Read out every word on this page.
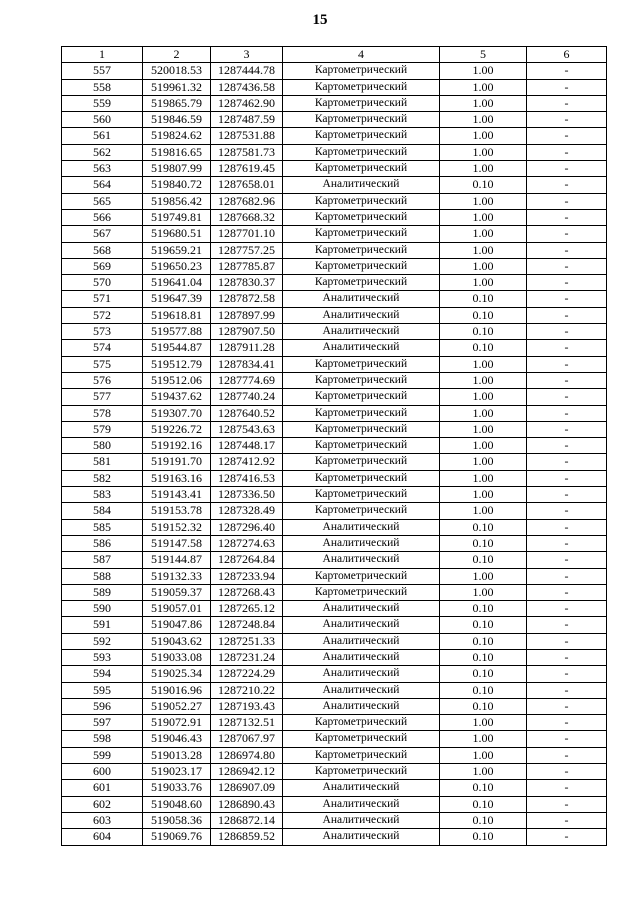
15
1	2	3	4	5	6
557	520018.53	1287444.78	Картометрический	1.00	-
558	519961.32	1287436.58	Картометрический	1.00	-
559	519865.79	1287462.90	Картометрический	1.00	-
560	519846.59	1287487.59	Картометрический	1.00	-
561	519824.62	1287531.88	Картометрический	1.00	-
562	519816.65	1287581.73	Картометрический	1.00	-
563	519807.99	1287619.45	Картометрический	1.00	-
564	519840.72	1287658.01	Аналитический	0.10	-
565	519856.42	1287682.96	Картометрический	1.00	-
566	519749.81	1287668.32	Картометрический	1.00	-
567	519680.51	1287701.10	Картометрический	1.00	-
568	519659.21	1287757.25	Картометрический	1.00	-
569	519650.23	1287785.87	Картометрический	1.00	-
570	519641.04	1287830.37	Картометрический	1.00	-
571	519647.39	1287872.58	Аналитический	0.10	-
572	519618.81	1287897.99	Аналитический	0.10	-
573	519577.88	1287907.50	Аналитический	0.10	-
574	519544.87	1287911.28	Аналитический	0.10	-
575	519512.79	1287834.41	Картометрический	1.00	-
576	519512.06	1287774.69	Картометрический	1.00	-
577	519437.62	1287740.24	Картометрический	1.00	-
578	519307.70	1287640.52	Картометрический	1.00	-
579	519226.72	1287543.63	Картометрический	1.00	-
580	519192.16	1287448.17	Картометрический	1.00	-
581	519191.70	1287412.92	Картометрический	1.00	-
582	519163.16	1287416.53	Картометрический	1.00	-
583	519143.41	1287336.50	Картометрический	1.00	-
584	519153.78	1287328.49	Картометрический	1.00	-
585	519152.32	1287296.40	Аналитический	0.10	-
586	519147.58	1287274.63	Аналитический	0.10	-
587	519144.87	1287264.84	Аналитический	0.10	-
588	519132.33	1287233.94	Картометрический	1.00	-
589	519059.37	1287268.43	Картометрический	1.00	-
590	519057.01	1287265.12	Аналитический	0.10	-
591	519047.86	1287248.84	Аналитический	0.10	-
592	519043.62	1287251.33	Аналитический	0.10	-
593	519033.08	1287231.24	Аналитический	0.10	-
594	519025.34	1287224.29	Аналитический	0.10	-
595	519016.96	1287210.22	Аналитический	0.10	-
596	519052.27	1287193.43	Аналитический	0.10	-
597	519072.91	1287132.51	Картометрический	1.00	-
598	519046.43	1287067.97	Картометрический	1.00	-
599	519013.28	1286974.80	Картометрический	1.00	-
600	519023.17	1286942.12	Картометрический	1.00	-
601	519033.76	1286907.09	Аналитический	0.10	-
602	519048.60	1286890.43	Аналитический	0.10	-
603	519058.36	1286872.14	Аналитический	0.10	-
604	519069.76	1286859.52	Аналитический	0.10	-
